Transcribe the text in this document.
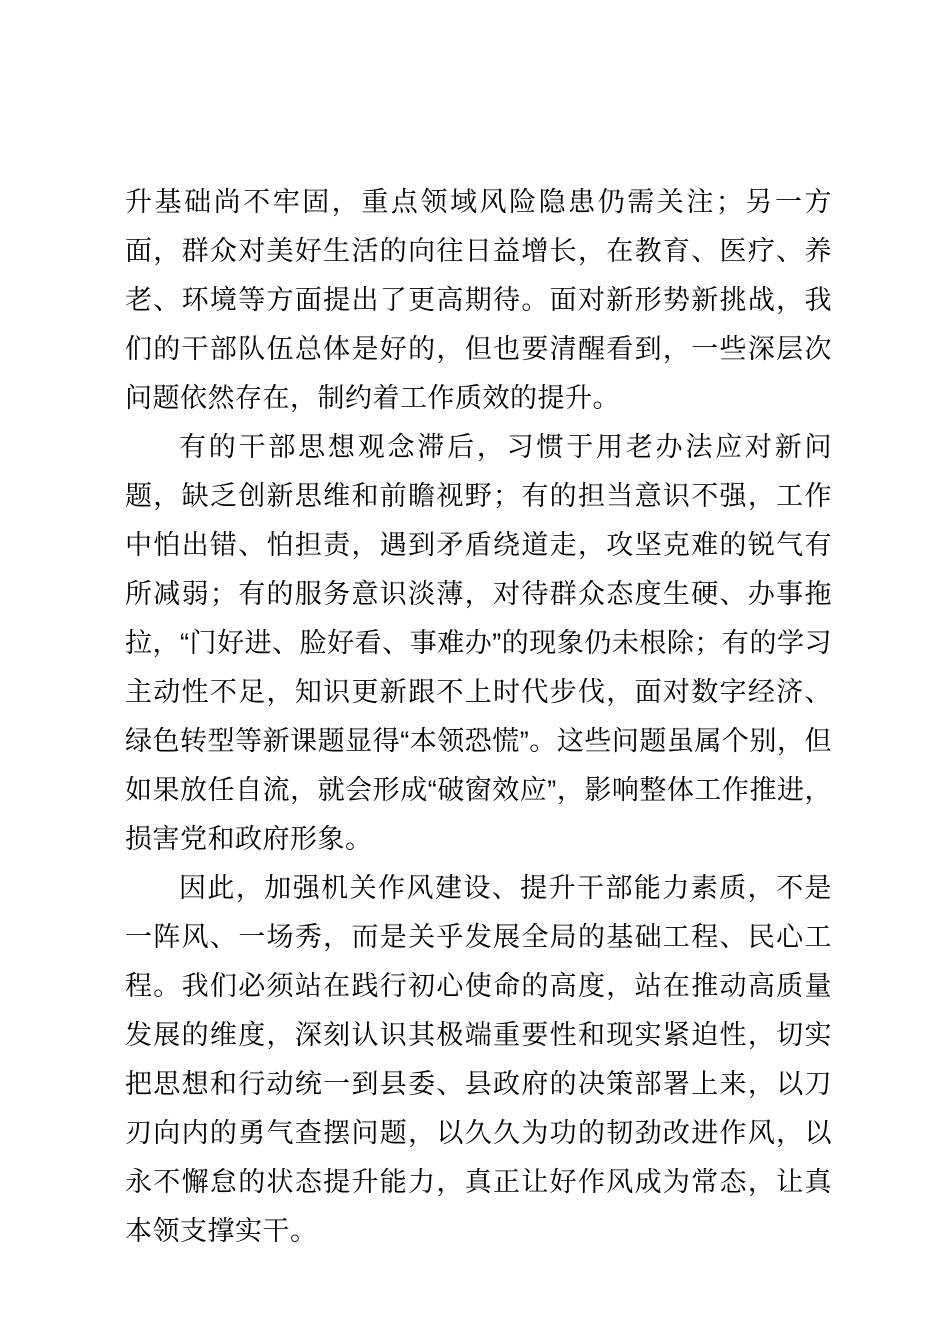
升基础尚不牢固，重点领域风险隐患仍需关注；另一方面，群众对美好生活的向往日益增长，在教育、医疗、养老、环境等方面提出了更高期待。面对新形势新挑战，我们的干部队伍总体是好的，但也要清醒看到，一些深层次问题依然存在，制约着工作质效的提升。

有的干部思想观念滞后，习惯于用老办法应对新问题，缺乏创新思维和前瞻视野；有的担当意识不强，工作中怕出错、怕担责，遇到矛盾绕道走，攻坚克难的锐气有所减弱；有的服务意识淡薄，对待群众态度生硬、办事拖拉，“门好进、脸好看、事难办”的现象仍未根除；有的学习主动性不足，知识更新跟不上时代步伐，面对数字经济、绿色转型等新课题显得“本领恐慌”。这些问题虽属个别，但如果放任自流，就会形成“破窗效应”，影响整体工作推进，损害党和政府形象。

因此，加强机关作风建设、提升干部能力素质，不是一阵风、一场秀，而是关乎发展全局的基础工程、民心工程。我们必须站在践行初心使命的高度，站在推动高质量发展的维度，深刻认识其极端重要性和现实紧迫性，切实把思想和行动统一到县委、县政府的决策部署上来，以刀刃向内的勇气查摆问题，以久久为功的韧劲改进作风，以永不懈怠的状态提升能力，真正让好作风成为常态，让真本领支撑实干。
